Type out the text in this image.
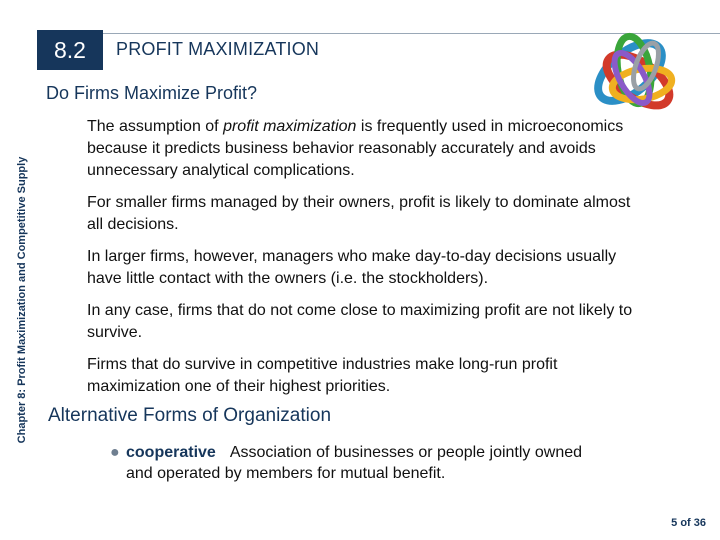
8.2	PROFIT MAXIMIZATION
Chapter 8: Profit Maximization and Competitive Supply
Do Firms Maximize Profit?
The assumption of profit maximization is frequently used in microeconomics because it predicts business behavior reasonably accurately and avoids unnecessary analytical complications.
For smaller firms managed by their owners, profit is likely to dominate almost all decisions.
In larger firms, however, managers who make day-to-day decisions usually have little contact with the owners (i.e. the stockholders).
In any case, firms that do not come close to maximizing profit are not likely to survive.
Firms that do survive in competitive industries make long-run profit maximization one of their highest priorities.
Alternative Forms of Organization
● cooperative Association of businesses or people jointly owned and operated by members for mutual benefit.
5 of 36
